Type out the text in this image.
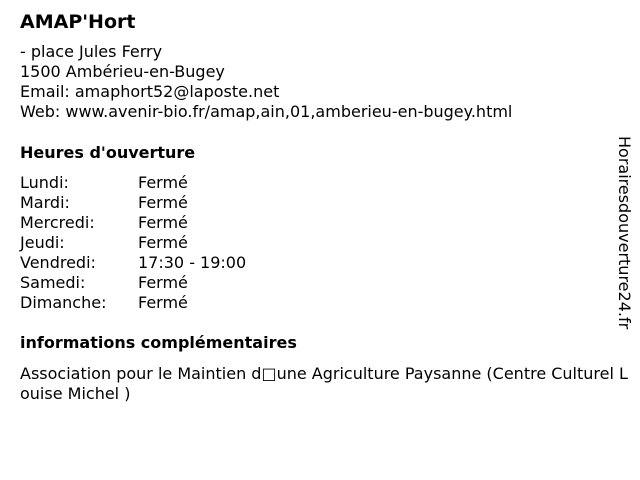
AMAP'Hort
- place Jules Ferry
1500 Ambérieu-en-Bugey
Email: amaphort52@laposte.net
Web: www.avenir-bio.fr/amap,ain,01,amberieu-en-bugey.html
Heures d'ouverture
Lundi:	Fermé
Mardi:	Fermé
Mercredi:	Fermé
Jeudi:	Fermé
Vendredi:	17:30 - 19:00
Samedi:	Fermé
Dimanche:	Fermé
informations complémentaires
Association pour le Maintien d□une Agriculture Paysanne (Centre Culturel Louise Michel )
Horairesdouverture24.fr
